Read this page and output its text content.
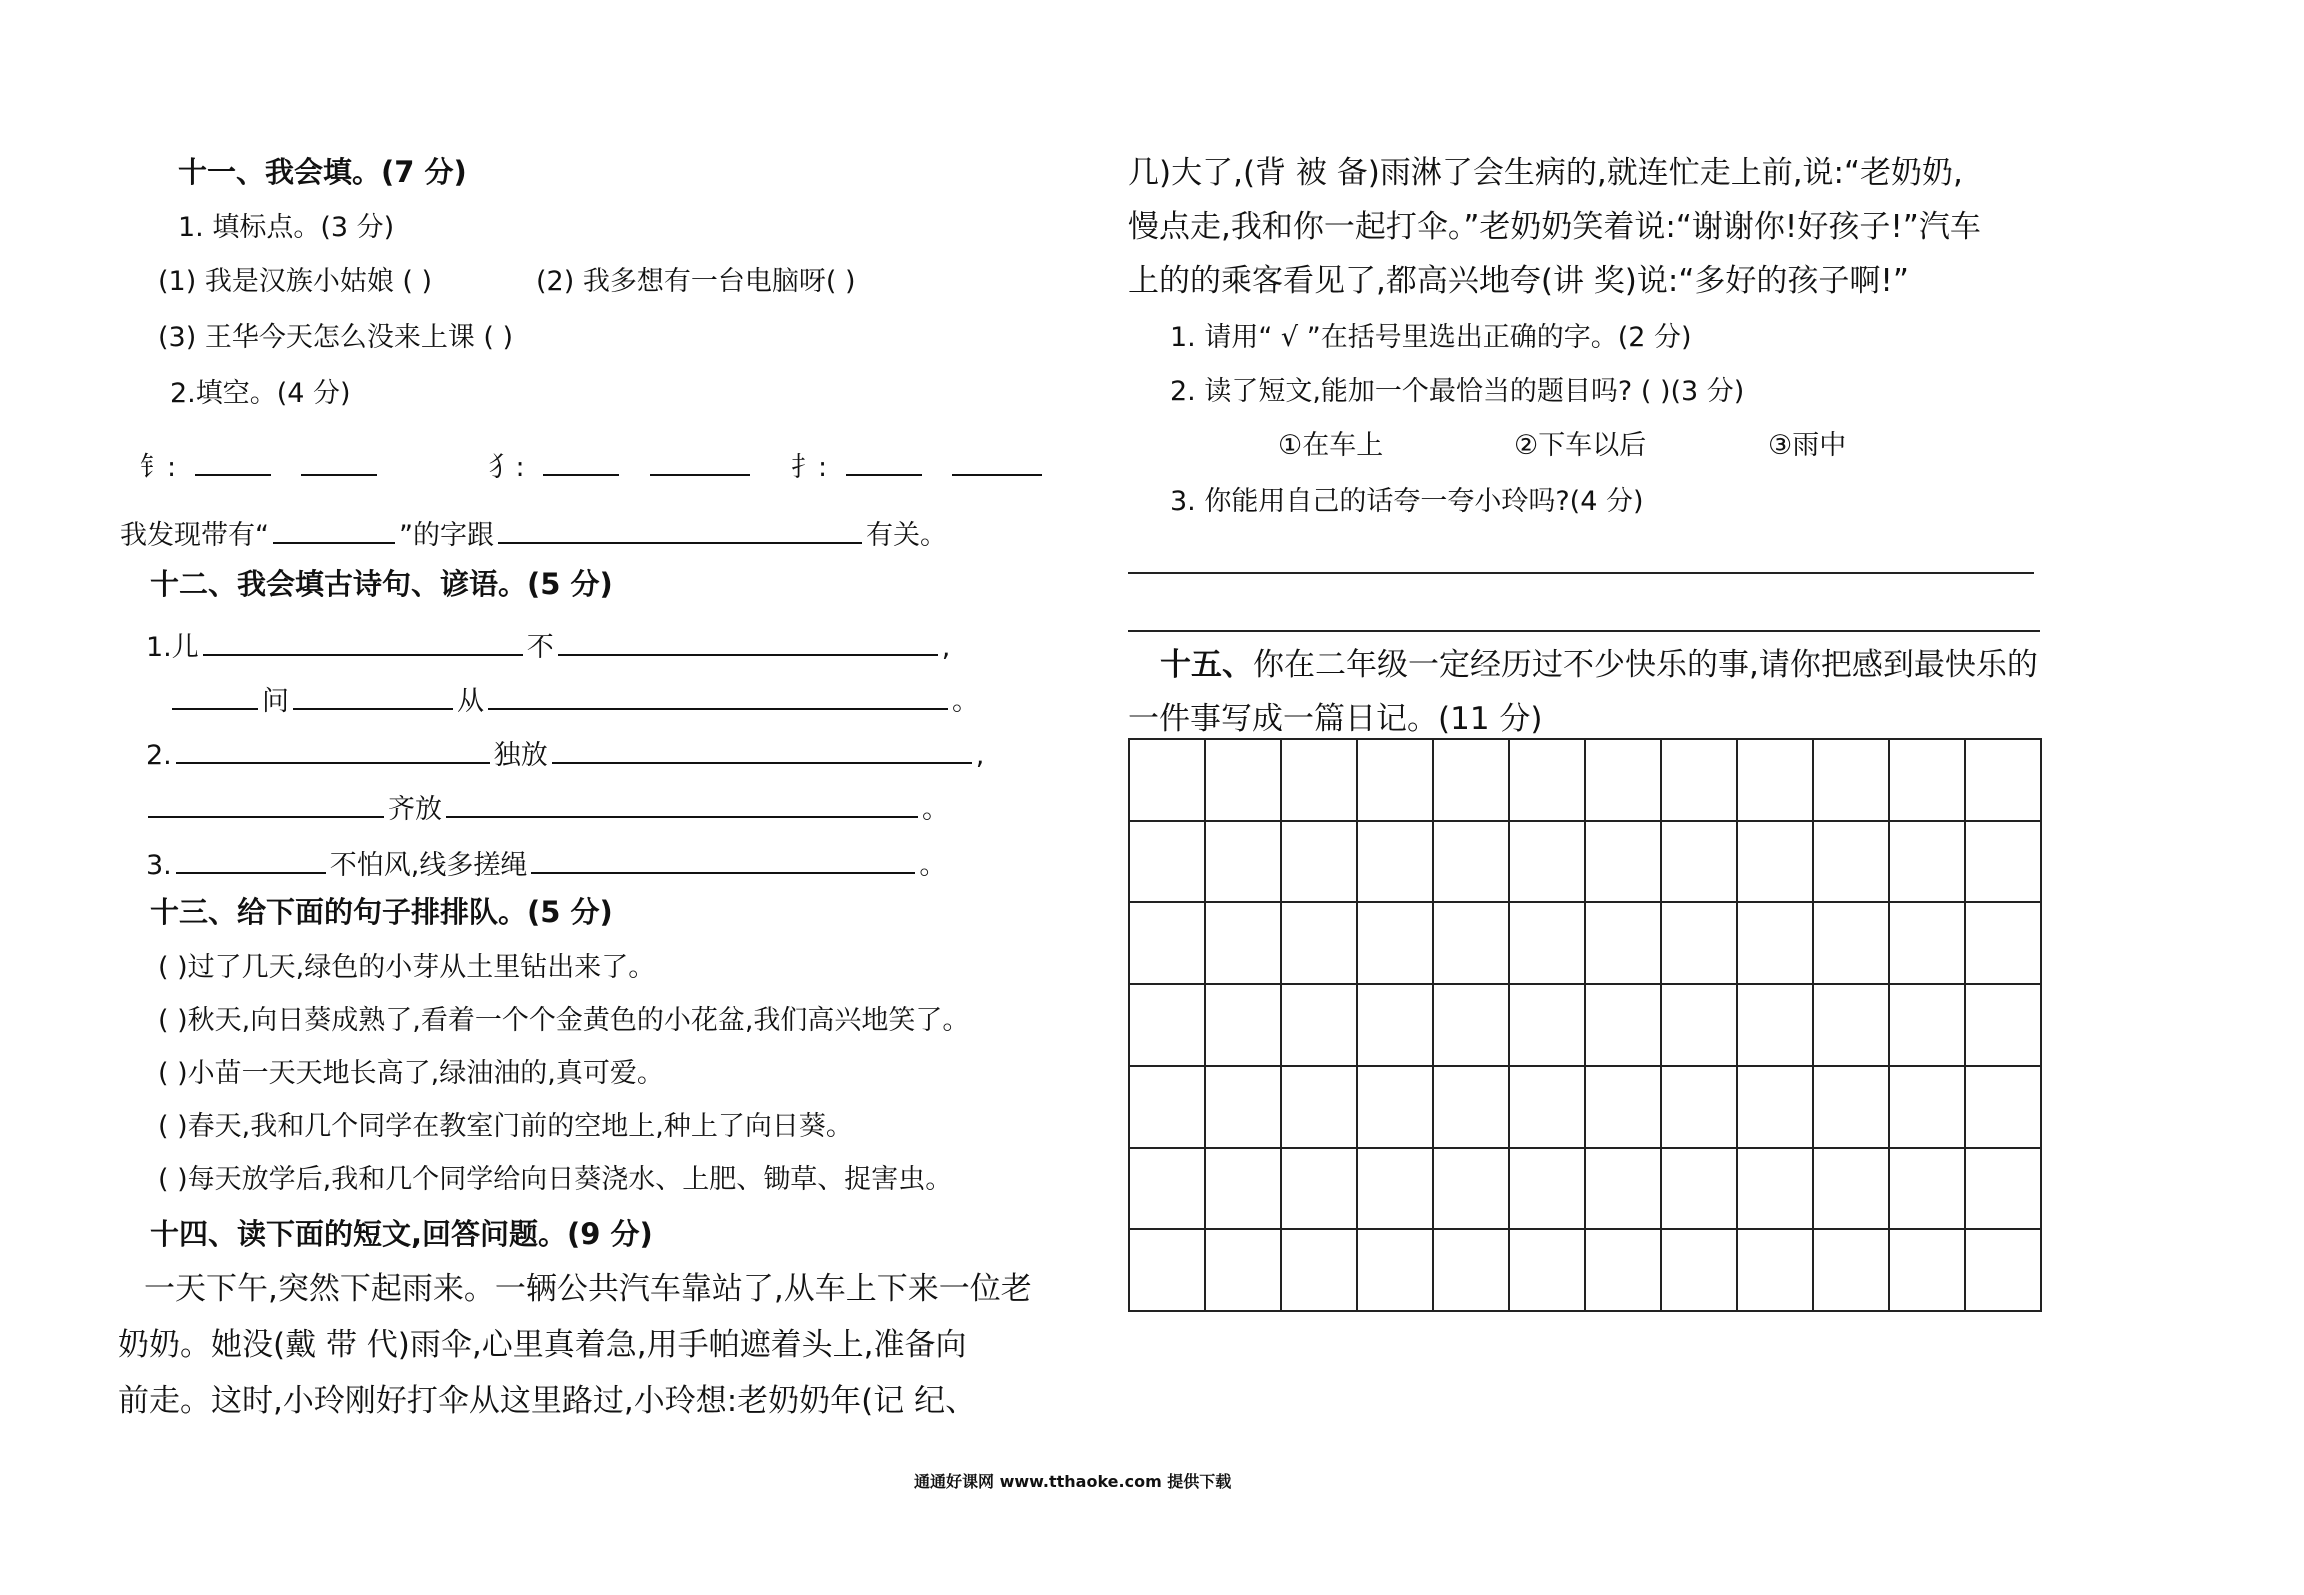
十一、我会填。(7 分)
1. 填标点。(3 分)
(1) 我是汉族小姑娘 ( )	(2) 我多想有一台电脑呀( )
(3) 王华今天怎么没来上课 ( )
2.填空。(4 分)
钅:	犭:	扌:
我发现带有“	”的字跟	有关。
十二、我会填古诗句、谚语。(5 分)
1.儿	不	,
问	从	。
2.	独放	,
齐放	。
3.	不怕风,线多搓绳	。
十三、给下面的句子排排队。(5 分)
( )过了几天,绿色的小芽从土里钻出来了。
( )秋天,向日葵成熟了,看着一个个金黄色的小花盆,我们高兴地笑了。
( )小苗一天天地长高了,绿油油的,真可爱。
( )春天,我和几个同学在教室门前的空地上,种上了向日葵。
( )每天放学后,我和几个同学给向日葵浇水、上肥、锄草、捉害虫。
十四、读下面的短文,回答问题。(9 分)
一天下午,突然下起雨来。一辆公共汽车靠站了,从车上下来一位老
奶奶。她没(戴 带 代)雨伞,心里真着急,用手帕遮着头上,准备向
前走。这时,小玲刚好打伞从这里路过,小玲想:老奶奶年(记 纪、
几)大了,(背 被 备)雨淋了会生病的,就连忙走上前,说:“老奶奶,
慢点走,我和你一起打伞。”老奶奶笑着说:“谢谢你!好孩子!”汽车
上的的乘客看见了,都高兴地夸(讲 奖)说:“多好的孩子啊!”
1. 请用“ √ ”在括号里选出正确的字。(2 分)
2. 读了短文,能加一个最恰当的题目吗? ( )(3 分)
①在车上	②下车以后	③雨中
3. 你能用自己的话夸一夸小玲吗?(4 分)
十五、你在二年级一定经历过不少快乐的事,请你把感到最快乐的
一件事写成一篇日记。(11 分)
通通好课网 www.tthaoke.com 提供下载
